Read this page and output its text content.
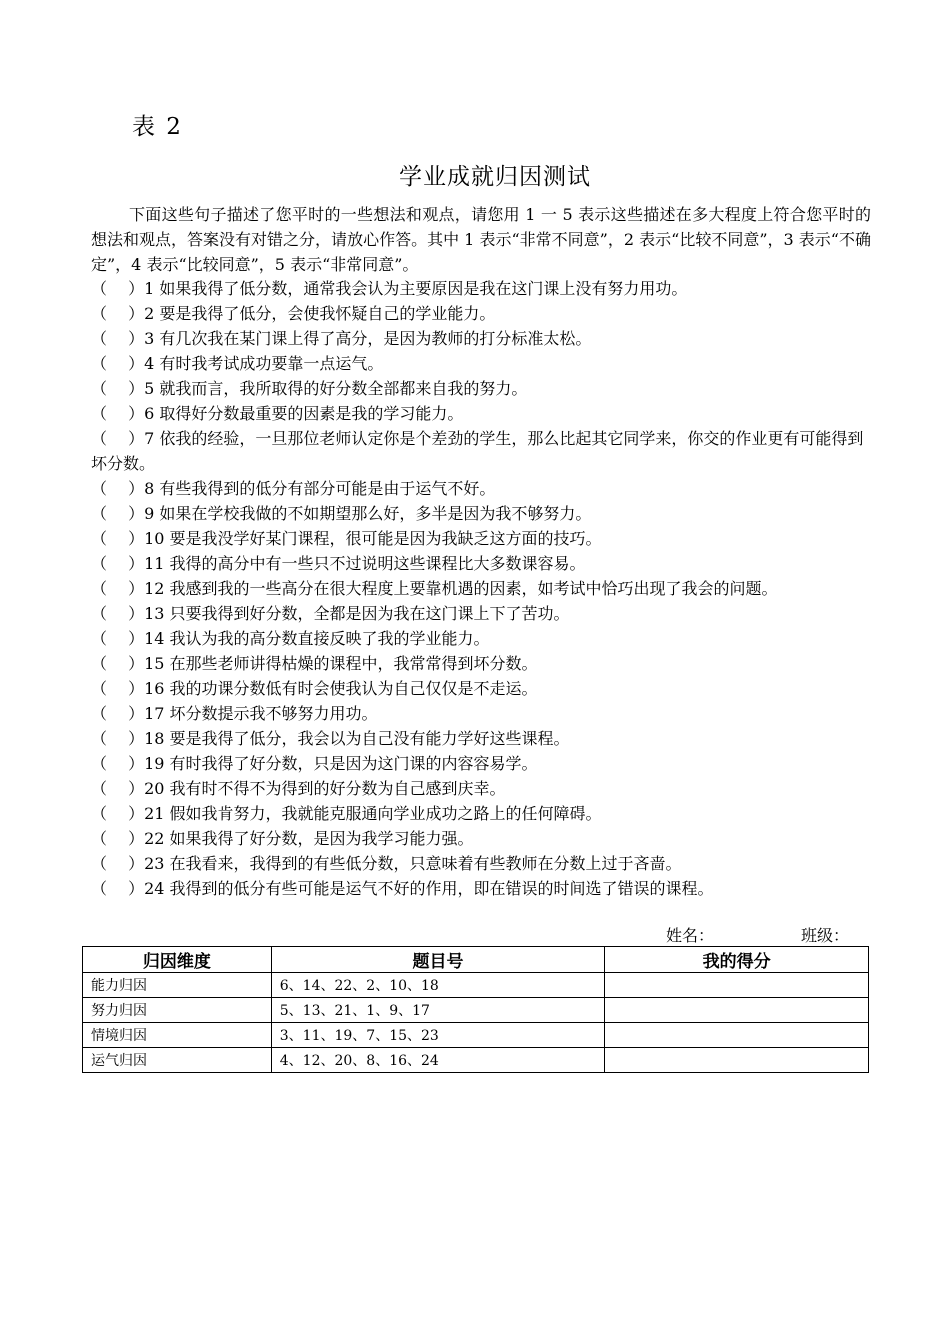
表 2
学业成就归因测试

下面这些句子描述了您平时的一些想法和观点，请您用 1 一 5 表示这些描述在多大程度上符合您平时的想法和观点，答案没有对错之分，请放心作答。其中 1 表示“非常不同意”，2 表示“比较不同意”，3 表示“不确定”，4 表示“比较同意”，5 表示“非常同意”。

（　 ）1 如果我得了低分数，通常我会认为主要原因是我在这门课上没有努力用功。
（　 ）2 要是我得了低分，会使我怀疑自己的学业能力。
（　 ）3 有几次我在某门课上得了高分，是因为教师的打分标准太松。
（　 ）4 有时我考试成功要靠一点运气。
（　 ）5 就我而言，我所取得的好分数全部都来自我的努力。
（　 ）6 取得好分数最重要的因素是我的学习能力。
（　 ）7 依我的经验，一旦那位老师认定你是个差劲的学生，那么比起其它同学来，你交的作业更有可能得到坏分数。
（　 ）8 有些我得到的低分有部分可能是由于运气不好。
（　 ）9 如果在学校我做的不如期望那么好，多半是因为我不够努力。
（　 ）10 要是我没学好某门课程，很可能是因为我缺乏这方面的技巧。
（　 ）11 我得的高分中有一些只不过说明这些课程比大多数课容易。
（　 ）12 我感到我的一些高分在很大程度上要靠机遇的因素，如考试中恰巧出现了我会的问题。
（　 ）13 只要我得到好分数，全都是因为我在这门课上下了苦功。
（　 ）14 我认为我的高分数直接反映了我的学业能力。
（　 ）15 在那些老师讲得枯燥的课程中，我常常得到坏分数。
（　 ）16 我的功课分数低有时会使我认为自己仅仅是不走运。
（　 ）17 坏分数提示我不够努力用功。
（　 ）18 要是我得了低分，我会以为自己没有能力学好这些课程。
（　 ）19 有时我得了好分数，只是因为这门课的内容容易学。
（　 ）20 我有时不得不为得到的好分数为自己感到庆幸。
（　 ）21 假如我肯努力，我就能克服通向学业成功之路上的任何障碍。
（　 ）22 如果我得了好分数，是因为我学习能力强。
（　 ）23 在我看来，我得到的有些低分数，只意味着有些教师在分数上过于吝啬。
（　 ）24 我得到的低分有些可能是运气不好的作用，即在错误的时间选了错误的课程。
姓名：	班级：
归因维度	题目号	我的得分
能力归因	6、14、22、2、10、18	
努力归因	5、13、21、1、9、17	
情境归因	3、11、19、7、15、23	
运气归因	4、12、20、8、16、24	
